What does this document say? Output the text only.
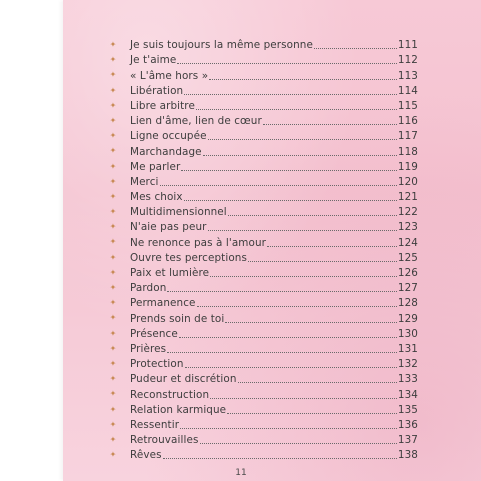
✦ Je suis toujours la même personne	111
✦ Je t'aime	112
✦ « L'âme hors »	113
✦ Libération	114
✦ Libre arbitre	115
✦ Lien d'âme, lien de cœur	116
✦ Ligne occupée	117
✦ Marchandage	118
✦ Me parler	119
✦ Merci	120
✦ Mes choix	121
✦ Multidimensionnel	122
✦ N'aie pas peur	123
✦ Ne renonce pas à l'amour	124
✦ Ouvre tes perceptions	125
✦ Paix et lumière	126
✦ Pardon	127
✦ Permanence	128
✦ Prends soin de toi	129
✦ Présence	130
✦ Prières	131
✦ Protection	132
✦ Pudeur et discrétion	133
✦ Reconstruction	134
✦ Relation karmique	135
✦ Ressentir	136
✦ Retrouvailles	137
✦ Rêves	138
11
